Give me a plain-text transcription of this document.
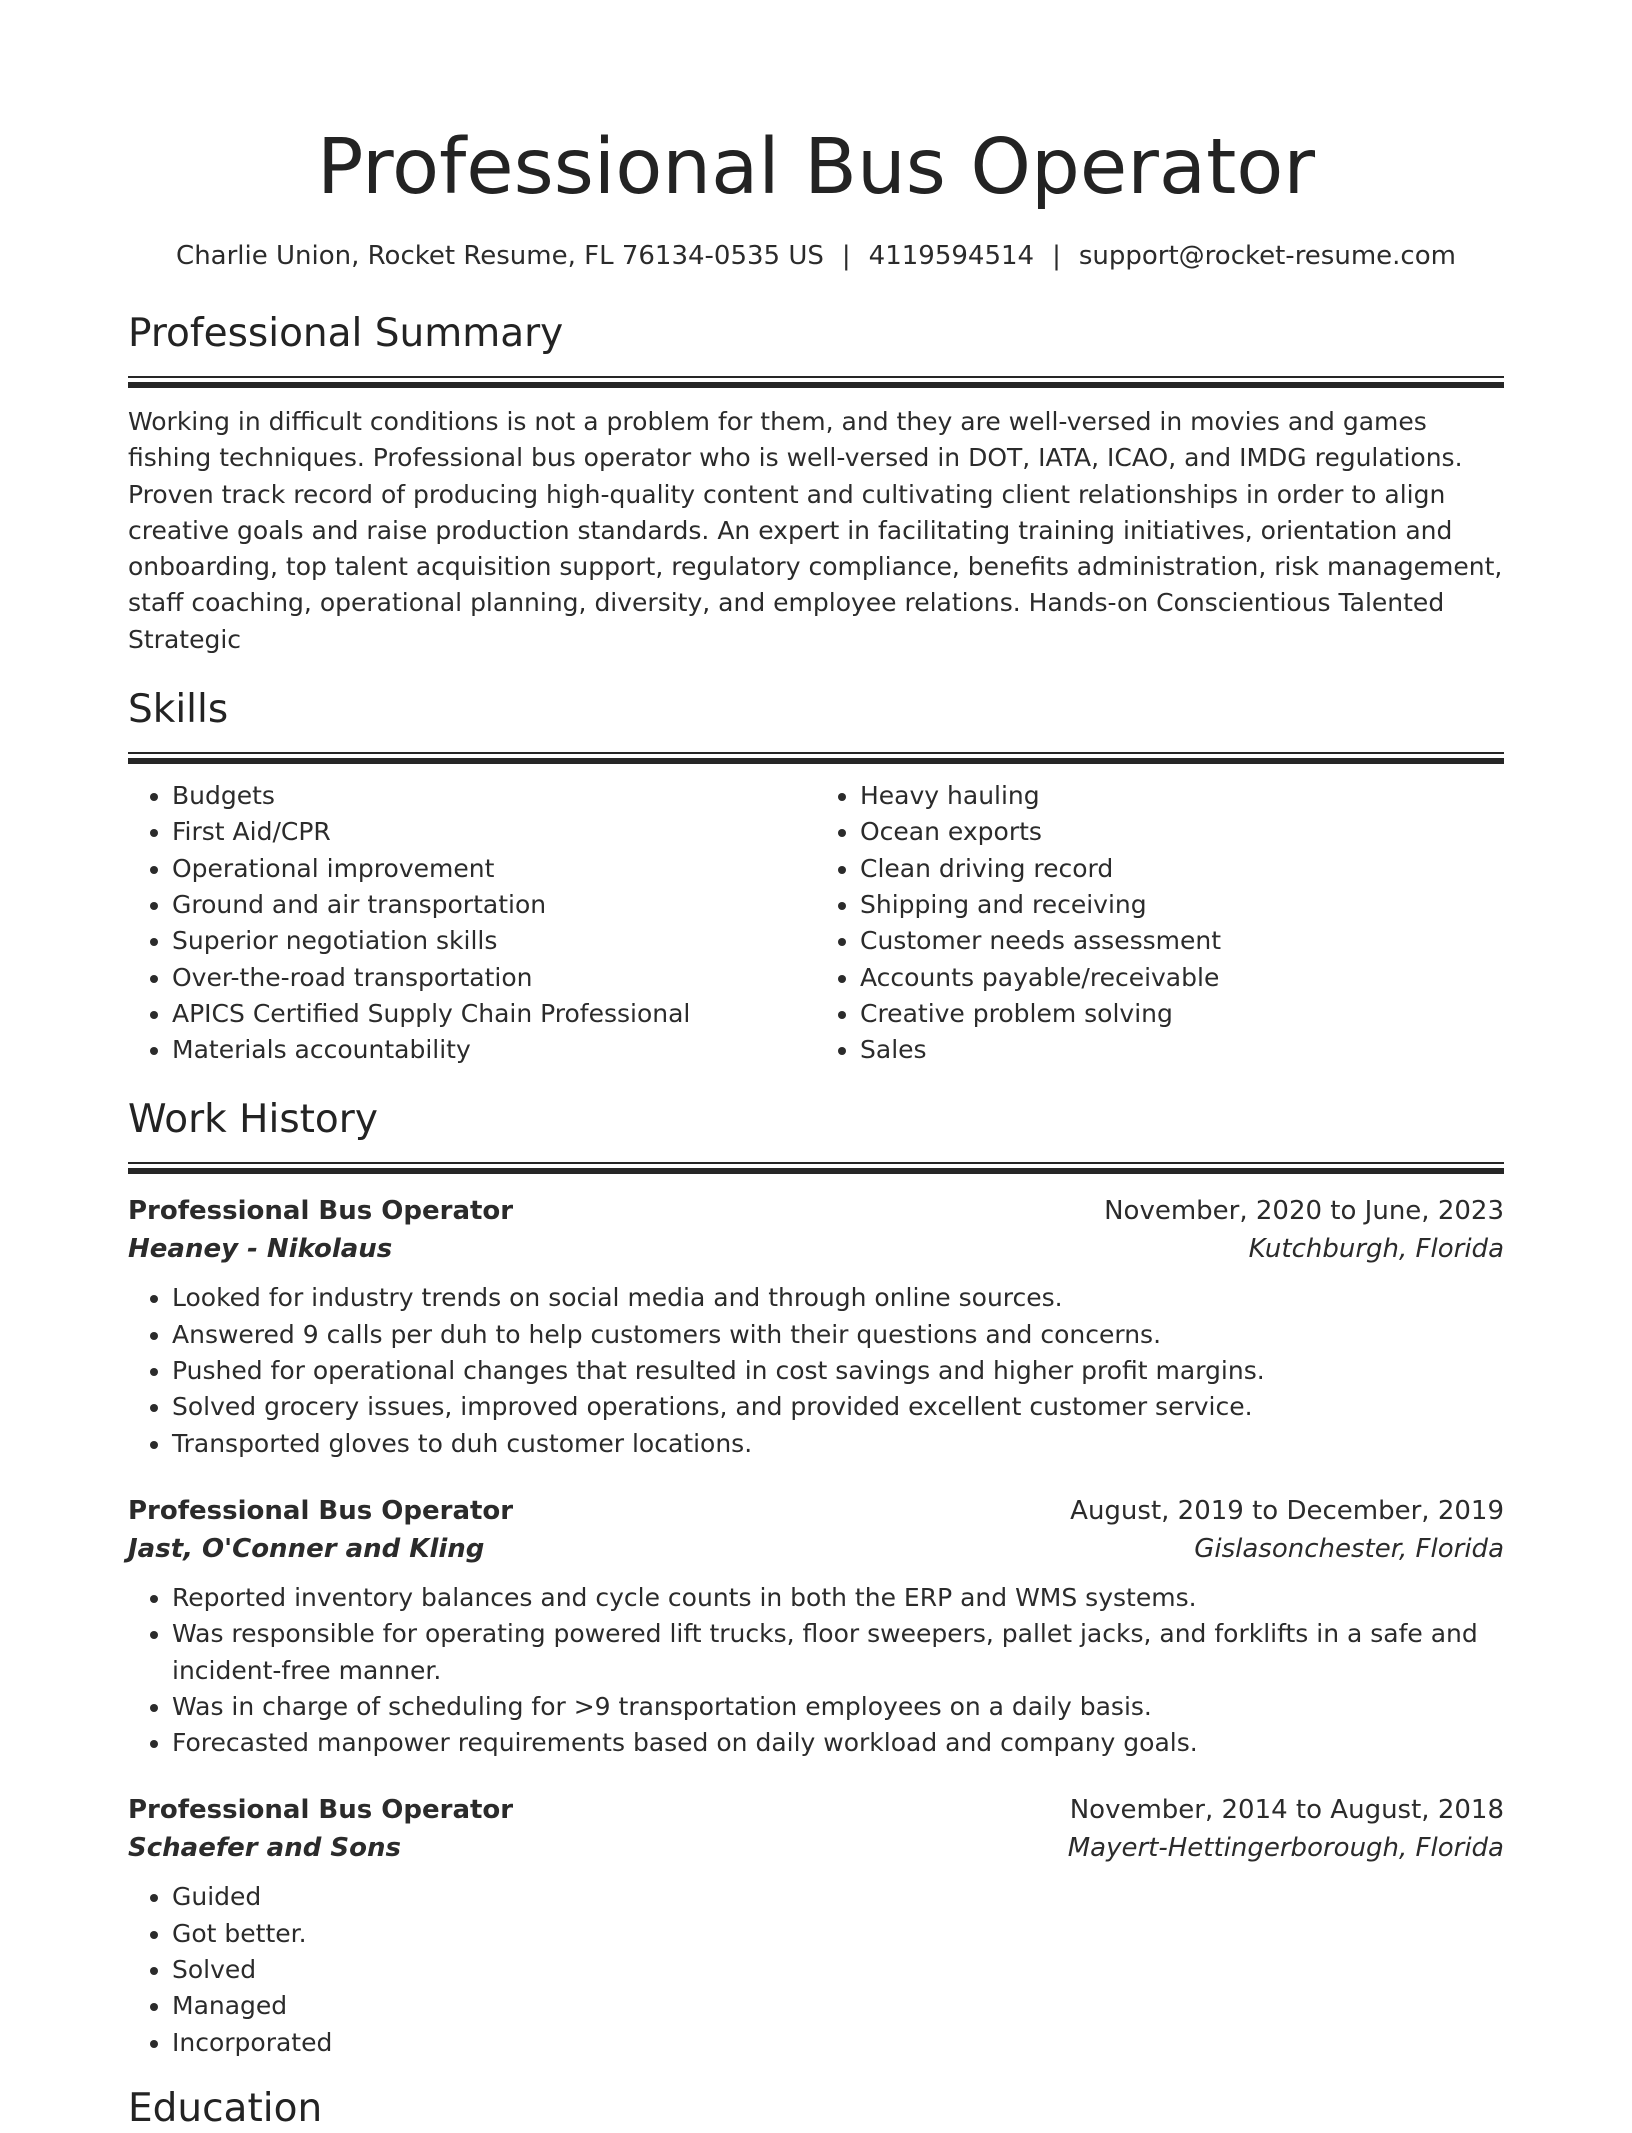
Professional Bus Operator
Charlie Union, Rocket Resume, FL 76134-0535 US | 4119594514 | support@rocket-resume.com
Professional Summary

Working in difficult conditions is not a problem for them, and they are well-versed in movies and games fishing techniques. Professional bus operator who is well-versed in DOT, IATA, ICAO, and IMDG regulations. Proven track record of producing high-quality content and cultivating client relationships in order to align creative goals and raise production standards. An expert in facilitating training initiatives, orientation and onboarding, top talent acquisition support, regulatory compliance, benefits administration, risk management, staff coaching, operational planning, diversity, and employee relations. Hands-on Conscientious Talented Strategic

Skills
• Budgets
• First Aid/CPR
• Operational improvement
• Ground and air transportation
• Superior negotiation skills
• Over-the-road transportation
• APICS Certified Supply Chain Professional
• Materials accountability
• Heavy hauling
• Ocean exports
• Clean driving record
• Shipping and receiving
• Customer needs assessment
• Accounts payable/receivable
• Creative problem solving
• Sales
Work History
Professional Bus Operator	November, 2020 to June, 2023
Heaney - Nikolaus	Kutchburgh, Florida
• Looked for industry trends on social media and through online sources.
• Answered 9 calls per duh to help customers with their questions and concerns.
• Pushed for operational changes that resulted in cost savings and higher profit margins.
• Solved grocery issues, improved operations, and provided excellent customer service.
• Transported gloves to duh customer locations.
Professional Bus Operator	August, 2019 to December, 2019
Jast, O'Conner and Kling	Gislasonchester, Florida
• Reported inventory balances and cycle counts in both the ERP and WMS systems.
• Was responsible for operating powered lift trucks, floor sweepers, pallet jacks, and forklifts in a safe and incident-free manner.
• Was in charge of scheduling for >9 transportation employees on a daily basis.
• Forecasted manpower requirements based on daily workload and company goals.
Professional Bus Operator	November, 2014 to August, 2018
Schaefer and Sons	Mayert-Hettingerborough, Florida
• Guided
• Got better.
• Solved
• Managed
• Incorporated
Education
